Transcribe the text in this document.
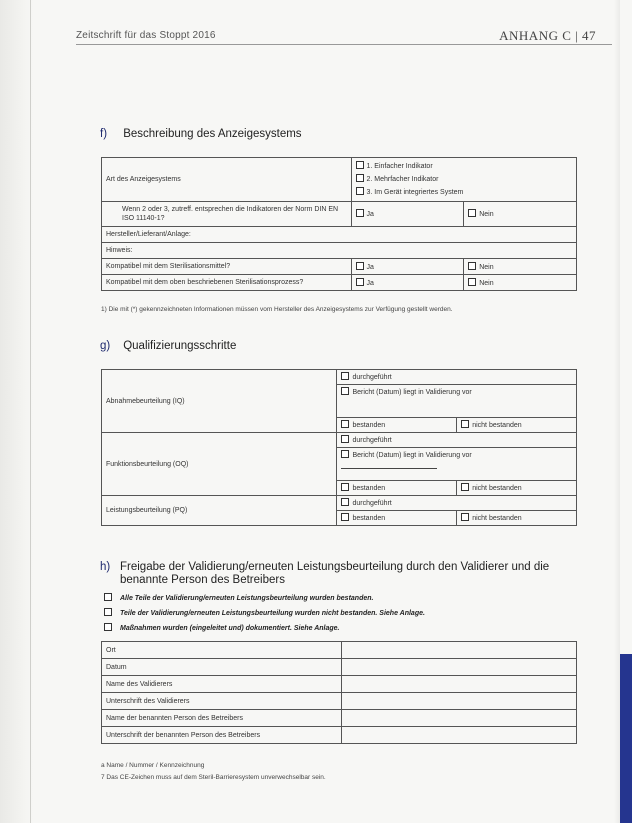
Zeitschrift für das Stoppt 2016	ANHANG C | 47
f) Beschreibung des Anzeigesystems
Art des Anzeigesystems	1. Einfacher Indikator
2. Mehrfacher Indikator
3. Im Gerät integriertes System	

Wenn 2 oder 3, zutreff. entsprechen die Indikatoren der Norm DIN EN ISO 11140-1?	Ja	Nein
Hersteller/Lieferant/Anlage:		
Hinweis:		
Kompatibel mit dem Sterilisationsmittel?	Ja	Nein
Kompatibel mit dem oben beschriebenen Sterilisationsprozess?	Ja	Nein
1) Die mit (*) gekennzeichneten Informationen müssen vom Hersteller des Anzeigesystems zur Verfügung gestellt werden.
g) Qualifizierungsschritte
Abnahmebeurteilung (IQ)	durchgeführt	
	Bericht (Datum) liegt in Validierung vor	
	bestanden	nicht bestanden
Funktionsbeurteilung (OQ)	durchgeführt	
	Bericht (Datum) liegt in Validierung vor	

	bestanden	nicht bestanden
Leistungsbeurteilung (PQ)	durchgeführt	
	bestanden	nicht bestanden
h) Freigabe der Validierung/erneuten Leistungsbeurteilung durch den Validierer und die
benannte Person des Betreibers
Alle Teile der Validierung/erneuten Leistungsbeurteilung wurden bestanden.
Teile der Validierung/erneuten Leistungsbeurteilung wurden nicht bestanden. Siehe Anlage.
Maßnahmen wurden (eingeleitet und) dokumentiert. Siehe Anlage.
Ort	
Datum	
Name des Validierers	
Unterschrift des Validierers	
Name der benannten Person des Betreibers	
Unterschrift der benannten Person des Betreibers	
a Name / Nummer / Kennzeichnung
7 Das CE-Zeichen muss auf dem Steril-Barrieresystem unverwechselbar sein.
